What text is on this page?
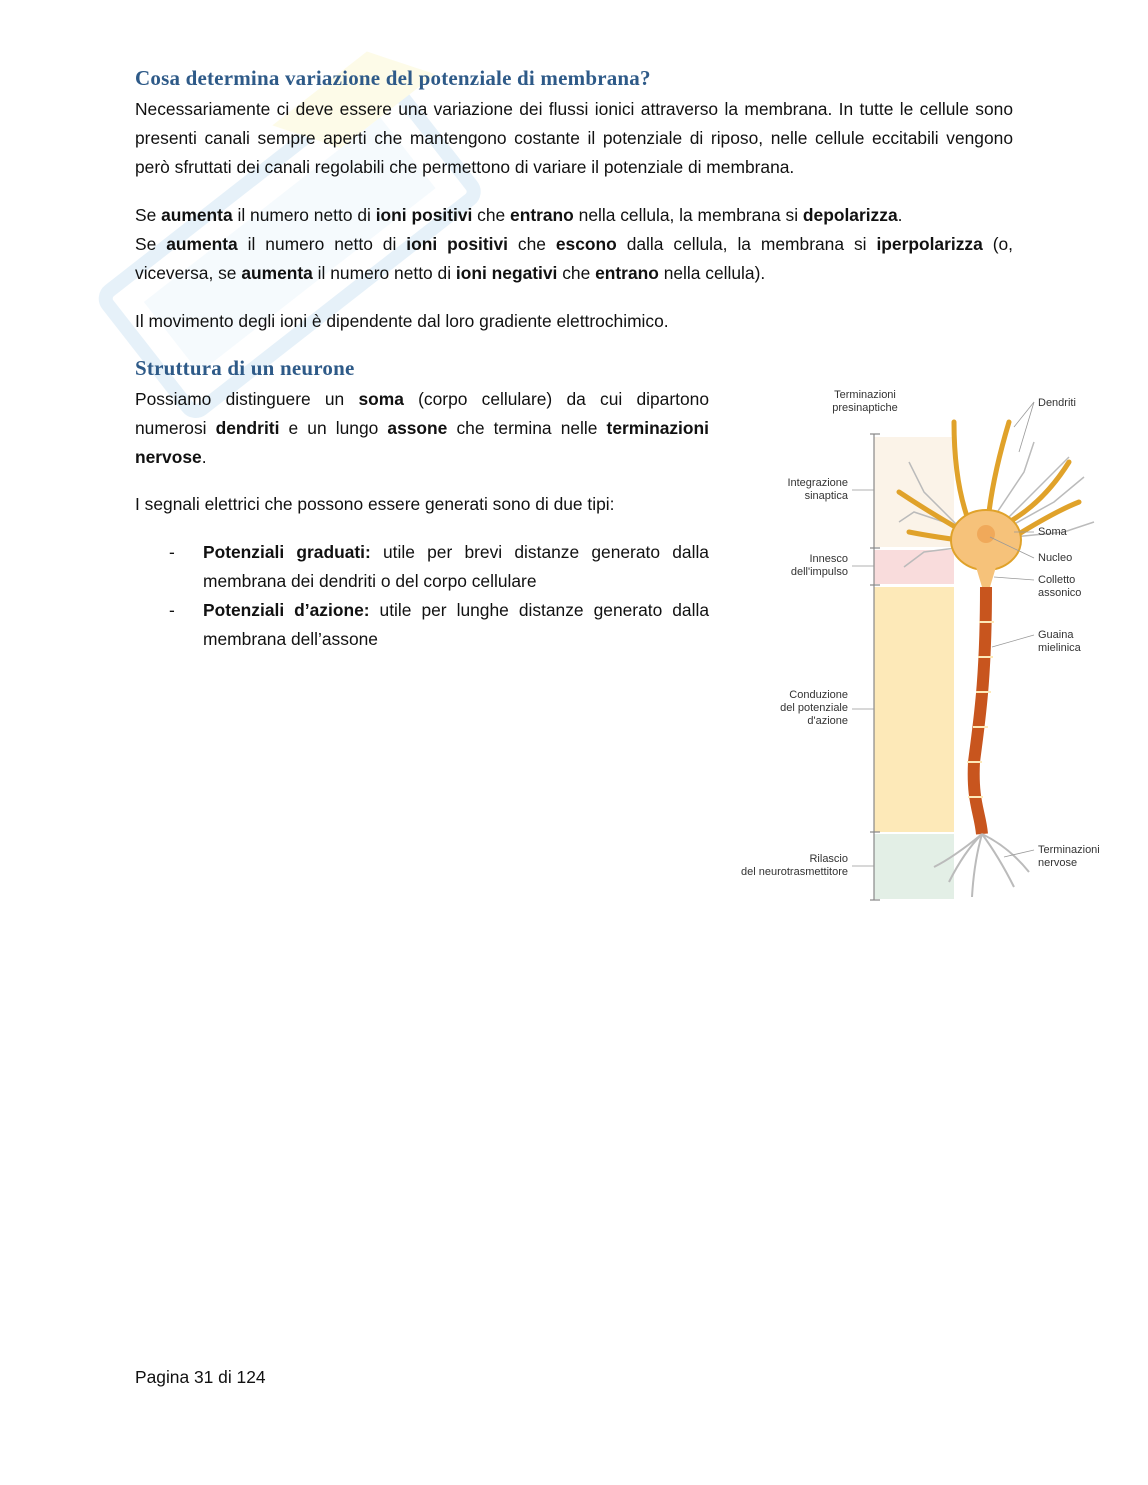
Cosa determina variazione del potenziale di membrana?

Necessariamente ci deve essere una variazione dei flussi ionici attraverso la membrana. In tutte le cellule sono presenti canali sempre aperti che mantengono costante il potenziale di riposo, nelle cellule eccitabili vengono però sfruttati dei canali regolabili che permettono di variare il potenziale di membrana.

Se aumenta il numero netto di ioni positivi che entrano nella cellula, la membrana si depolarizza.
Se aumenta il numero netto di ioni positivi che escono dalla cellula, la membrana si iperpolarizza (o, viceversa, se aumenta il numero netto di ioni negativi che entrano nella cellula).

Il movimento degli ioni è dipendente dal loro gradiente elettrochimico.

Struttura di un neurone

Possiamo distinguere un soma (corpo cellulare) da cui dipartono numerosi dendriti e un lungo assone che termina nelle terminazioni nervose.

I segnali elettrici che possono essere generati sono di due tipi:

- Potenziali graduati: utile per brevi distanze generato dalla membrana dei dendriti o del corpo cellulare
- Potenziali d’azione: utile per lunghe distanze generato dalla membrana dell’assone
Integrazione sinaptica
Innesco dell'impulso
Conduzione del potenziale d'azione
Rilascio del neurotrasmettitore
Terminazioni presinaptiche	Dendriti
Soma
Nucleo
Colletto assonico
Guaina mielinica
Terminazioni nervose
Pagina 31 di 124
